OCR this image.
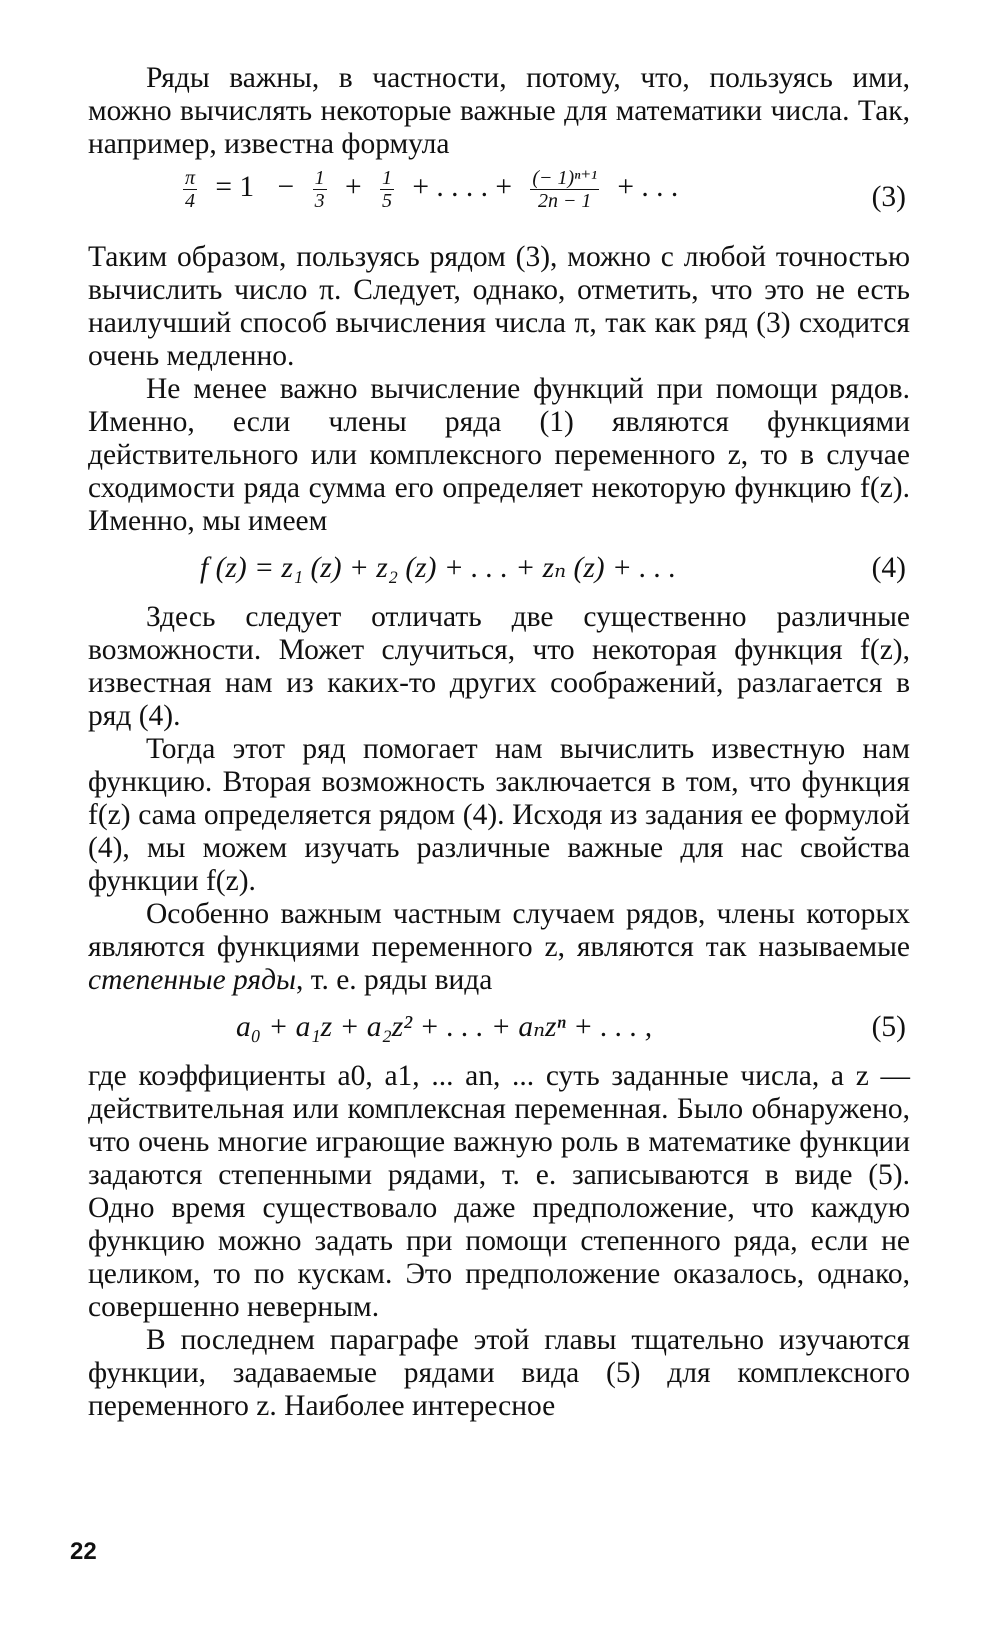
Ряды важны, в частности, потому, что, пользуясь ими, можно вычислять некоторые важные для математики числа. Так, например, известна формула

$\frac{\pi}{4} = 1 - \frac{1}{3} + \frac{1}{5}$ + . . . . + $\frac{\text{(− 1)ⁿ⁺¹}}{2n - 1}$ + . . .	(3)

Таким образом, пользуясь рядом (3), можно с любой точностью вычислить число π. Следует, однако, отметить, что это не есть наилучший способ вычисления числа π, так как ряд (3) сходится очень медленно.

Не менее важно вычисление функций при помощи рядов. Именно, если члены ряда (1) являются функциями действительного или комплексного переменного z, то в случае сходимости ряда сумма его определяет некоторую функцию f(z). Именно, мы имеем

f (z) = z₁ (z) + z₂ (z) + . . . + zₙ (z) + . . .	(4)

Здесь следует отличать две существенно различные возможности. Может случиться, что некоторая функция f(z), известная нам из каких-то других соображений, разлагается в ряд (4).

Тогда этот ряд помогает нам вычислить известную нам функцию. Вторая возможность заключается в том, что функция f(z) сама определяется рядом (4). Исходя из задания ее формулой (4), мы можем изучать различные важные для нас свойства функции f(z).

Особенно важным частным случаем рядов, члены которых являются функциями переменного z, являются так называемые степенные ряды, т. е. ряды вида

a₀ + a₁z + a₂z² + . . . + aₙzⁿ + . . . ,	(5)

где коэффициенты a0, a1, ... an, ... суть заданные числа, а z — действительная или комплексная переменная. Было обнаружено, что очень многие играющие важную роль в математике функции задаются степенными рядами, т. е. записываются в виде (5). Одно время существовало даже предположение, что каждую функцию можно задать при помощи степенного ряда, если не целиком, то по кускам. Это предположение оказалось, однако, совершенно неверным.

В последнем параграфе этой главы тщательно изучаются функции, задаваемые рядами вида (5) для комплексного переменного z. Наиболее интересное

22
